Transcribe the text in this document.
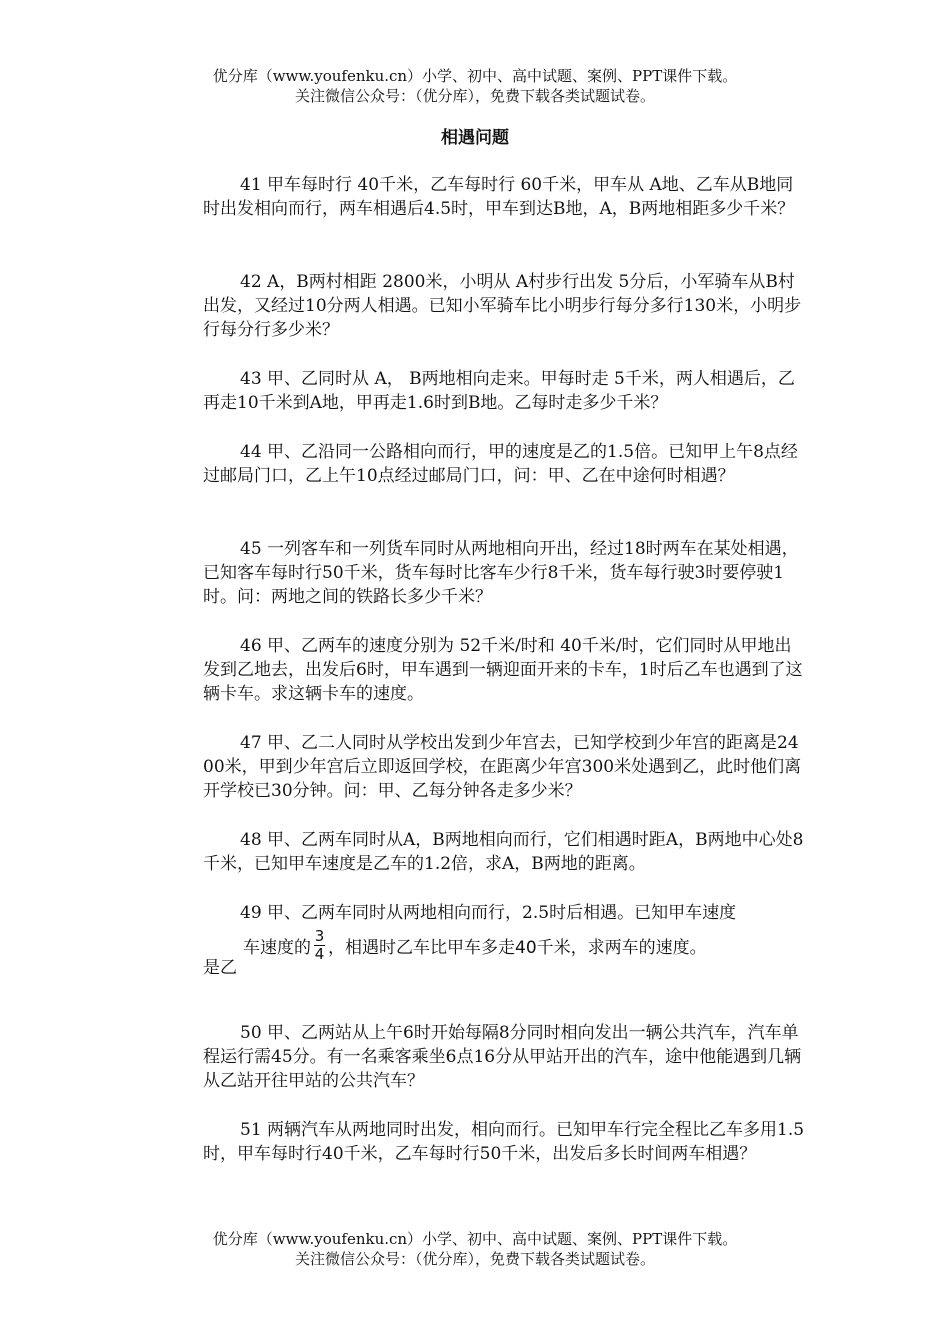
优分库（www.youfenku.cn）小学、初中、高中试题、案例、PPT课件下载。
关注微信公众号：（优分库），免费下载各类试题试卷。
相遇问题

41 甲车每时行 40千米，乙车每时行 60千米，甲车从 A地、乙车从B地同时出发相向而行，两车相遇后4.5时，甲车到达B地，A，B两地相距多少千米？

42 A，B两村相距 2800米，小明从 A村步行出发 5分后，小军骑车从B村出发，又经过10分两人相遇。已知小军骑车比小明步行每分多行130米，小明步行每分行多少米？

43 甲、乙同时从 A， B两地相向走来。甲每时走 5千米，两人相遇后，乙再走10千米到A地，甲再走1.6时到B地。乙每时走多少千米？

44 甲、乙沿同一公路相向而行，甲的速度是乙的1.5倍。已知甲上午8点经过邮局门口，乙上午10点经过邮局门口，问：甲、乙在中途何时相遇？

45 一列客车和一列货车同时从两地相向开出，经过18时两车在某处相遇，已知客车每时行50千米，货车每时比客车少行8千米，货车每行驶3时要停驶1时。问：两地之间的铁路长多少千米？

46 甲、乙两车的速度分别为 52千米/时和 40千米/时，它们同时从甲地出发到乙地去，出发后6时，甲车遇到一辆迎面开来的卡车，1时后乙车也遇到了这辆卡车。求这辆卡车的速度。

47 甲、乙二人同时从学校出发到少年宫去，已知学校到少年宫的距离是2400米，甲到少年宫后立即返回学校，在距离少年宫300米处遇到乙，此时他们离开学校已30分钟。问：甲、乙每分钟各走多少米？

48 甲、乙两车同时从A，B两地相向而行，它们相遇时距A，B两地中心处8千米，已知甲车速度是乙车的1.2倍，求A，B两地的距离。

49 甲、乙两车同时从两地相向而行，2.5时后相遇。已知甲车速度

车速度的 $\frac{3}{4}$ ，相遇时乙车比甲车多走40千米，求两车的速度。
是乙

50 甲、乙两站从上午6时开始每隔8分同时相向发出一辆公共汽车，汽车单程运行需45分。有一名乘客乘坐6点16分从甲站开出的汽车，途中他能遇到几辆从乙站开往甲站的公共汽车？

51 两辆汽车从两地同时出发，相向而行。已知甲车行完全程比乙车多用1.5时，甲车每时行40千米，乙车每时行50千米，出发后多长时间两车相遇？

优分库（www.youfenku.cn）小学、初中、高中试题、案例、PPT课件下载。
关注微信公众号：（优分库），免费下载各类试题试卷。
